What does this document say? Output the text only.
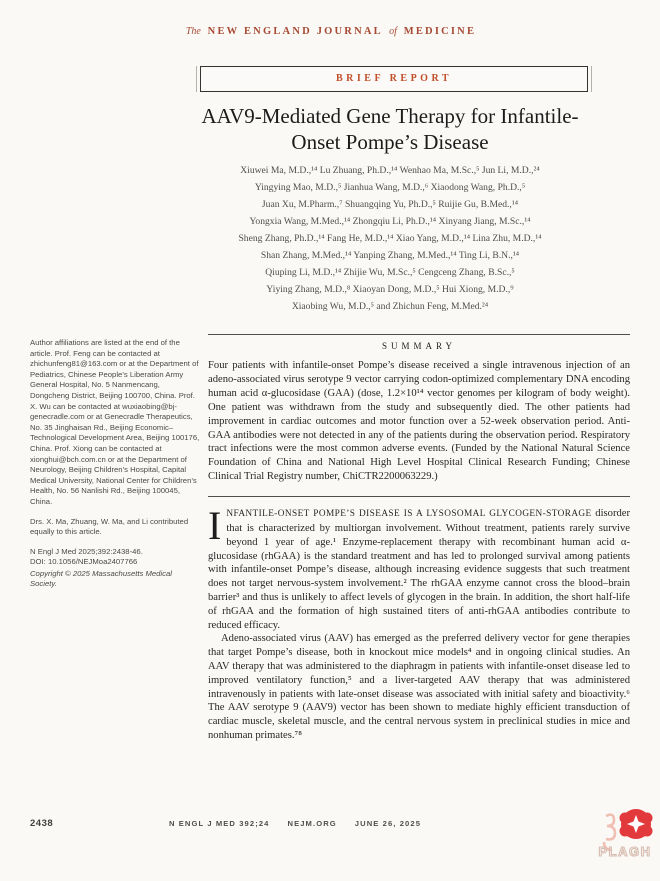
The NEW ENGLAND JOURNAL of MEDICINE
BRIEF REPORT
AAV9-Mediated Gene Therapy for Infantile-
Onset Pompe’s Disease
Xiuwei Ma, M.D.,¹⁴ Lu Zhuang, Ph.D.,¹⁴ Wenhao Ma, M.Sc.,⁵ Jun Li, M.D.,²⁴
Yingying Mao, M.D.,⁵ Jianhua Wang, M.D.,⁶ Xiaodong Wang, Ph.D.,⁵
Juan Xu, M.Pharm.,⁷ Shuangqing Yu, Ph.D.,⁵ Ruijie Gu, B.Med.,¹⁴
Yongxia Wang, M.Med.,¹⁴ Zhongqiu Li, Ph.D.,¹⁴ Xinyang Jiang, M.Sc.,¹⁴
Sheng Zhang, Ph.D.,¹⁴ Fang He, M.D.,¹⁴ Xiao Yang, M.D.,¹⁴ Lina Zhu, M.D.,¹⁴
Shan Zhang, M.Med.,¹⁴ Yanping Zhang, M.Med.,¹⁴ Ting Li, B.N.,¹⁴
Qiuping Li, M.D.,¹⁴ Zhijie Wu, M.Sc.,⁵ Cengceng Zhang, B.Sc.,⁵
Yiying Zhang, M.D.,⁸ Xiaoyan Dong, M.D.,⁵ Hui Xiong, M.D.,⁹
Xiaobing Wu, M.D.,⁵ and Zhichun Feng, M.Med.²⁴

Author affiliations are listed at the end of the article. Prof. Feng can be contacted at zhichunfeng81@163.com or at the Department of Pediatrics, Chinese People’s Liberation Army General Hospital, No. 5 Nanmencang, Dongcheng District, Beijing 100700, China. Prof. X. Wu can be contacted at wuxiaobing@bj-genecradle.com or at Genecradle Therapeutics, No. 35 Jinghaisan Rd., Beijing Economic–Technological Development Area, Beijing 100176, China. Prof. Xiong can be contacted at xionghui@bch.com.cn or at the Department of Neurology, Beijing Children’s Hospital, Capital Medical University, National Center for Children’s Health, No. 56 Nanlishi Rd., Beijing 100045, China.

Drs. X. Ma, Zhuang, W. Ma, and Li contributed equally to this article.

N Engl J Med 2025;392:2438-46.

DOI: 10.1056/NEJMoa2407766

Copyright © 2025 Massachusetts Medical Society.

SUMMARY

Four patients with infantile-onset Pompe’s disease received a single intravenous injection of an adeno-associated virus serotype 9 vector carrying codon-optimized complementary DNA encoding human acid α-glucosidase (GAA) (dose, 1.2×10¹⁴ vector genomes per kilogram of body weight). One patient was withdrawn from the study and subsequently died. The other patients had improvement in cardiac outcomes and motor function over a 52-week observation period. Anti-GAA antibodies were not detected in any of the patients during the observation period. Respiratory tract infections were the most common adverse events. (Funded by the National Natural Science Foundation of China and National High Level Hospital Clinical Research Funding; Chinese Clinical Trial Registry number, ChiCTR2200063229.)

INFANTILE-ONSET POMPE’S DISEASE IS A LYSOSOMAL GLYCOGEN-STORAGE disorder that is characterized by multiorgan involvement. Without treatment, patients rarely survive beyond 1 year of age.¹ Enzyme-replacement therapy with recombinant human acid α-glucosidase (rhGAA) is the standard treatment and has led to prolonged survival among patients with infantile-onset Pompe’s disease, although increasing evidence suggests that such treatment does not target nervous-system involvement.² The rhGAA enzyme cannot cross the blood–brain barrier³ and thus is unlikely to affect levels of glycogen in the brain. In addition, the short half-life of rhGAA and the formation of high sustained titers of anti-rhGAA antibodies contribute to reduced efficacy.

Adeno-associated virus (AAV) has emerged as the preferred delivery vector for gene therapies that target Pompe’s disease, both in knockout mice models⁴ and in ongoing clinical studies. An AAV therapy that was administered to the diaphragm in patients with infantile-onset disease led to improved ventilatory function,⁵ and a liver-targeted AAV therapy that was administered intravenously in patients with late-onset disease was associated with initial safety and bioactivity.⁶ The AAV serotype 9 (AAV9) vector has been shown to mediate highly efficient transduction of cardiac muscle, skeletal muscle, and the central nervous system in preclinical studies in mice and nonhuman primates.⁷⁸

2438	N ENGL J MED 392;24 NEJM.ORG JUNE 26, 2025
PLAGH
